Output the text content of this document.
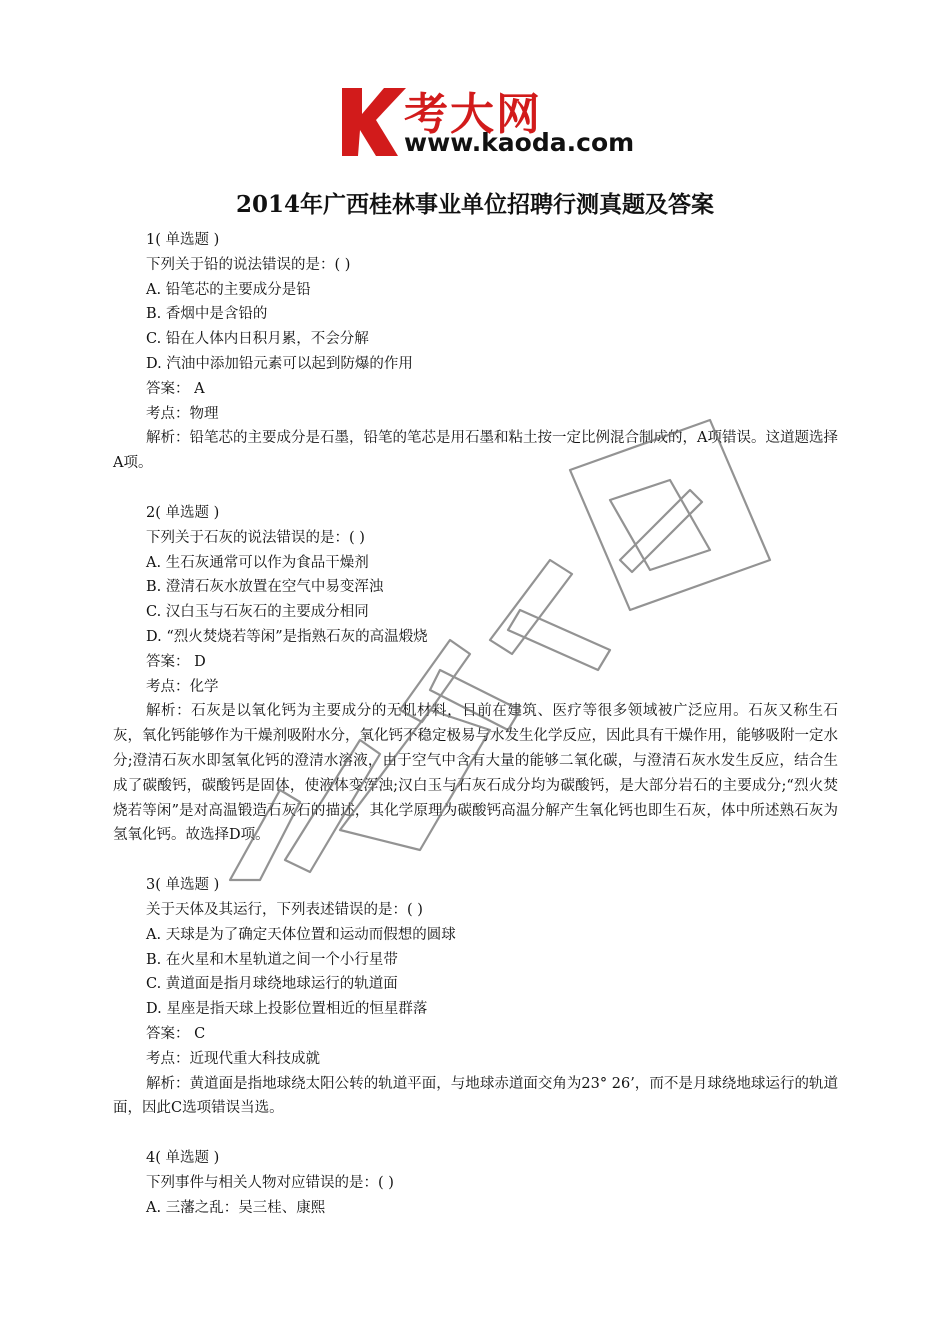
考大网
www.kaoda.com
2014年广西桂林事业单位招聘行测真题及答案
1( 单选题 )
下列关于铅的说法错误的是：( )
A. 铅笔芯的主要成分是铅
B. 香烟中是含铅的
C. 铅在人体内日积月累，不会分解
D. 汽油中添加铅元素可以起到防爆的作用
答案： A
考点：物理
解析：铅笔芯的主要成分是石墨，铅笔的笔芯是用石墨和粘土按一定比例混合制成的，A项错误。这道题选择A项。
2( 单选题 )
下列关于石灰的说法错误的是：( )
A. 生石灰通常可以作为食品干燥剂
B. 澄清石灰水放置在空气中易变浑浊
C. 汉白玉与石灰石的主要成分相同
D. “烈火焚烧若等闲”是指熟石灰的高温煅烧
答案： D
考点：化学
解析：石灰是以氧化钙为主要成分的无机材料，目前在建筑、医疗等很多领域被广泛应用。石灰又称生石灰，氧化钙能够作为干燥剂吸附水分，氧化钙不稳定极易与水发生化学反应，因此具有干燥作用，能够吸附一定水分;澄清石灰水即氢氧化钙的澄清水溶液，由于空气中含有大量的能够二氧化碳，与澄清石灰水发生反应，结合生成了碳酸钙，碳酸钙是固体，使液体变浑浊;汉白玉与石灰石成分均为碳酸钙，是大部分岩石的主要成分;“烈火焚烧若等闲”是对高温锻造石灰石的描述，其化学原理为碳酸钙高温分解产生氧化钙也即生石灰，体中所述熟石灰为氢氧化钙。故选择D项。
3( 单选题 )
关于天体及其运行，下列表述错误的是：( )
A. 天球是为了确定天体位置和运动而假想的圆球
B. 在火星和木星轨道之间一个小行星带
C. 黄道面是指月球绕地球运行的轨道面
D. 星座是指天球上投影位置相近的恒星群落
答案： C
考点：近现代重大科技成就
解析：黄道面是指地球绕太阳公转的轨道平面，与地球赤道面交角为23° 26’，而不是月球绕地球运行的轨道面，因此C选项错误当选。
4( 单选题 )
下列事件与相关人物对应错误的是：( )
A. 三藩之乱：吴三桂、康熙
